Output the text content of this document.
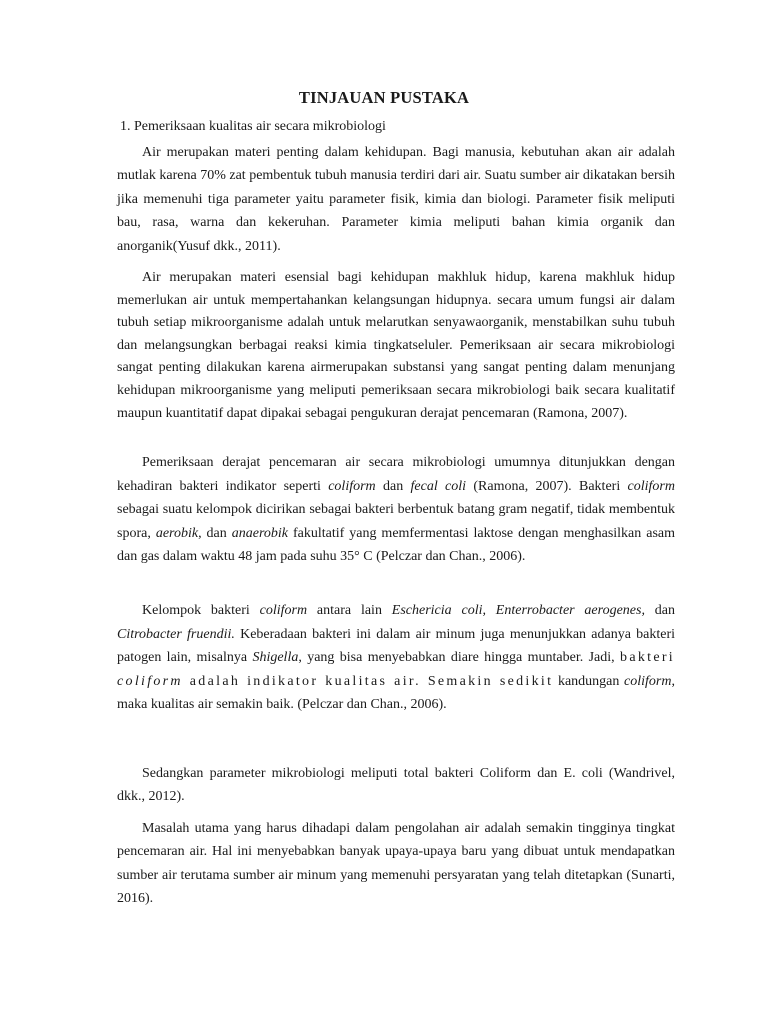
TINJAUAN PUSTAKA
1. Pemeriksaan kualitas air secara mikrobiologi

Air merupakan materi penting dalam kehidupan. Bagi manusia, kebutuhan akan air adalah mutlak karena 70% zat pembentuk tubuh manusia terdiri dari air. Suatu sumber air dikatakan bersih jika memenuhi tiga parameter yaitu parameter fisik, kimia dan biologi. Parameter fisik meliputi bau, rasa, warna dan kekeruhan. Parameter kimia meliputi bahan kimia organik dan anorganik(Yusuf dkk., 2011).

Air merupakan materi esensial bagi kehidupan makhluk hidup, karena makhluk hidup memerlukan air untuk mempertahankan kelangsungan hidupnya. secara umum fungsi air dalam tubuh setiap mikroorganisme adalah untuk melarutkan senyawaorganik, menstabilkan suhu tubuh dan melangsungkan berbagai reaksi kimia tingkatseluler. Pemeriksaan air secara mikrobiologi sangat penting dilakukan karena airmerupakan substansi yang sangat penting dalam menunjang kehidupan mikroorganisme yang meliputi pemeriksaan secara mikrobiologi baik secara kualitatif maupun kuantitatif dapat dipakai sebagai pengukuran derajat pencemaran (Ramona, 2007).

Pemeriksaan derajat pencemaran air secara mikrobiologi umumnya ditunjukkan dengan kehadiran bakteri indikator seperti coliform dan fecal coli (Ramona, 2007). Bakteri coliform sebagai suatu kelompok dicirikan sebagai bakteri berbentuk batang gram negatif, tidak membentuk spora, aerobik, dan anaerobik fakultatif yang memfermentasi laktose dengan menghasilkan asam dan gas dalam waktu 48 jam pada suhu 35° C (Pelczar dan Chan., 2006).

Kelompok bakteri coliform antara lain Eschericia coli, Enterrobacter aerogenes, dan Citrobacter fruendii. Keberadaan bakteri ini dalam air minum juga menunjukkan adanya bakteri patogen lain, misalnya Shigella, yang bisa menyebabkan diare hingga muntaber. Jadi, bakteri coliform adalah indikator kualitas air. Semakin sedikit kandungan coliform, maka kualitas air semakin baik. (Pelczar dan Chan., 2006).

Sedangkan parameter mikrobiologi meliputi total bakteri Coliform dan E. coli (Wandrivel, dkk., 2012).

Masalah utama yang harus dihadapi dalam pengolahan air adalah semakin tingginya tingkat pencemaran air. Hal ini menyebabkan banyak upaya-upaya baru yang dibuat untuk mendapatkan sumber air terutama sumber air minum yang memenuhi persyaratan yang telah ditetapkan (Sunarti, 2016).
